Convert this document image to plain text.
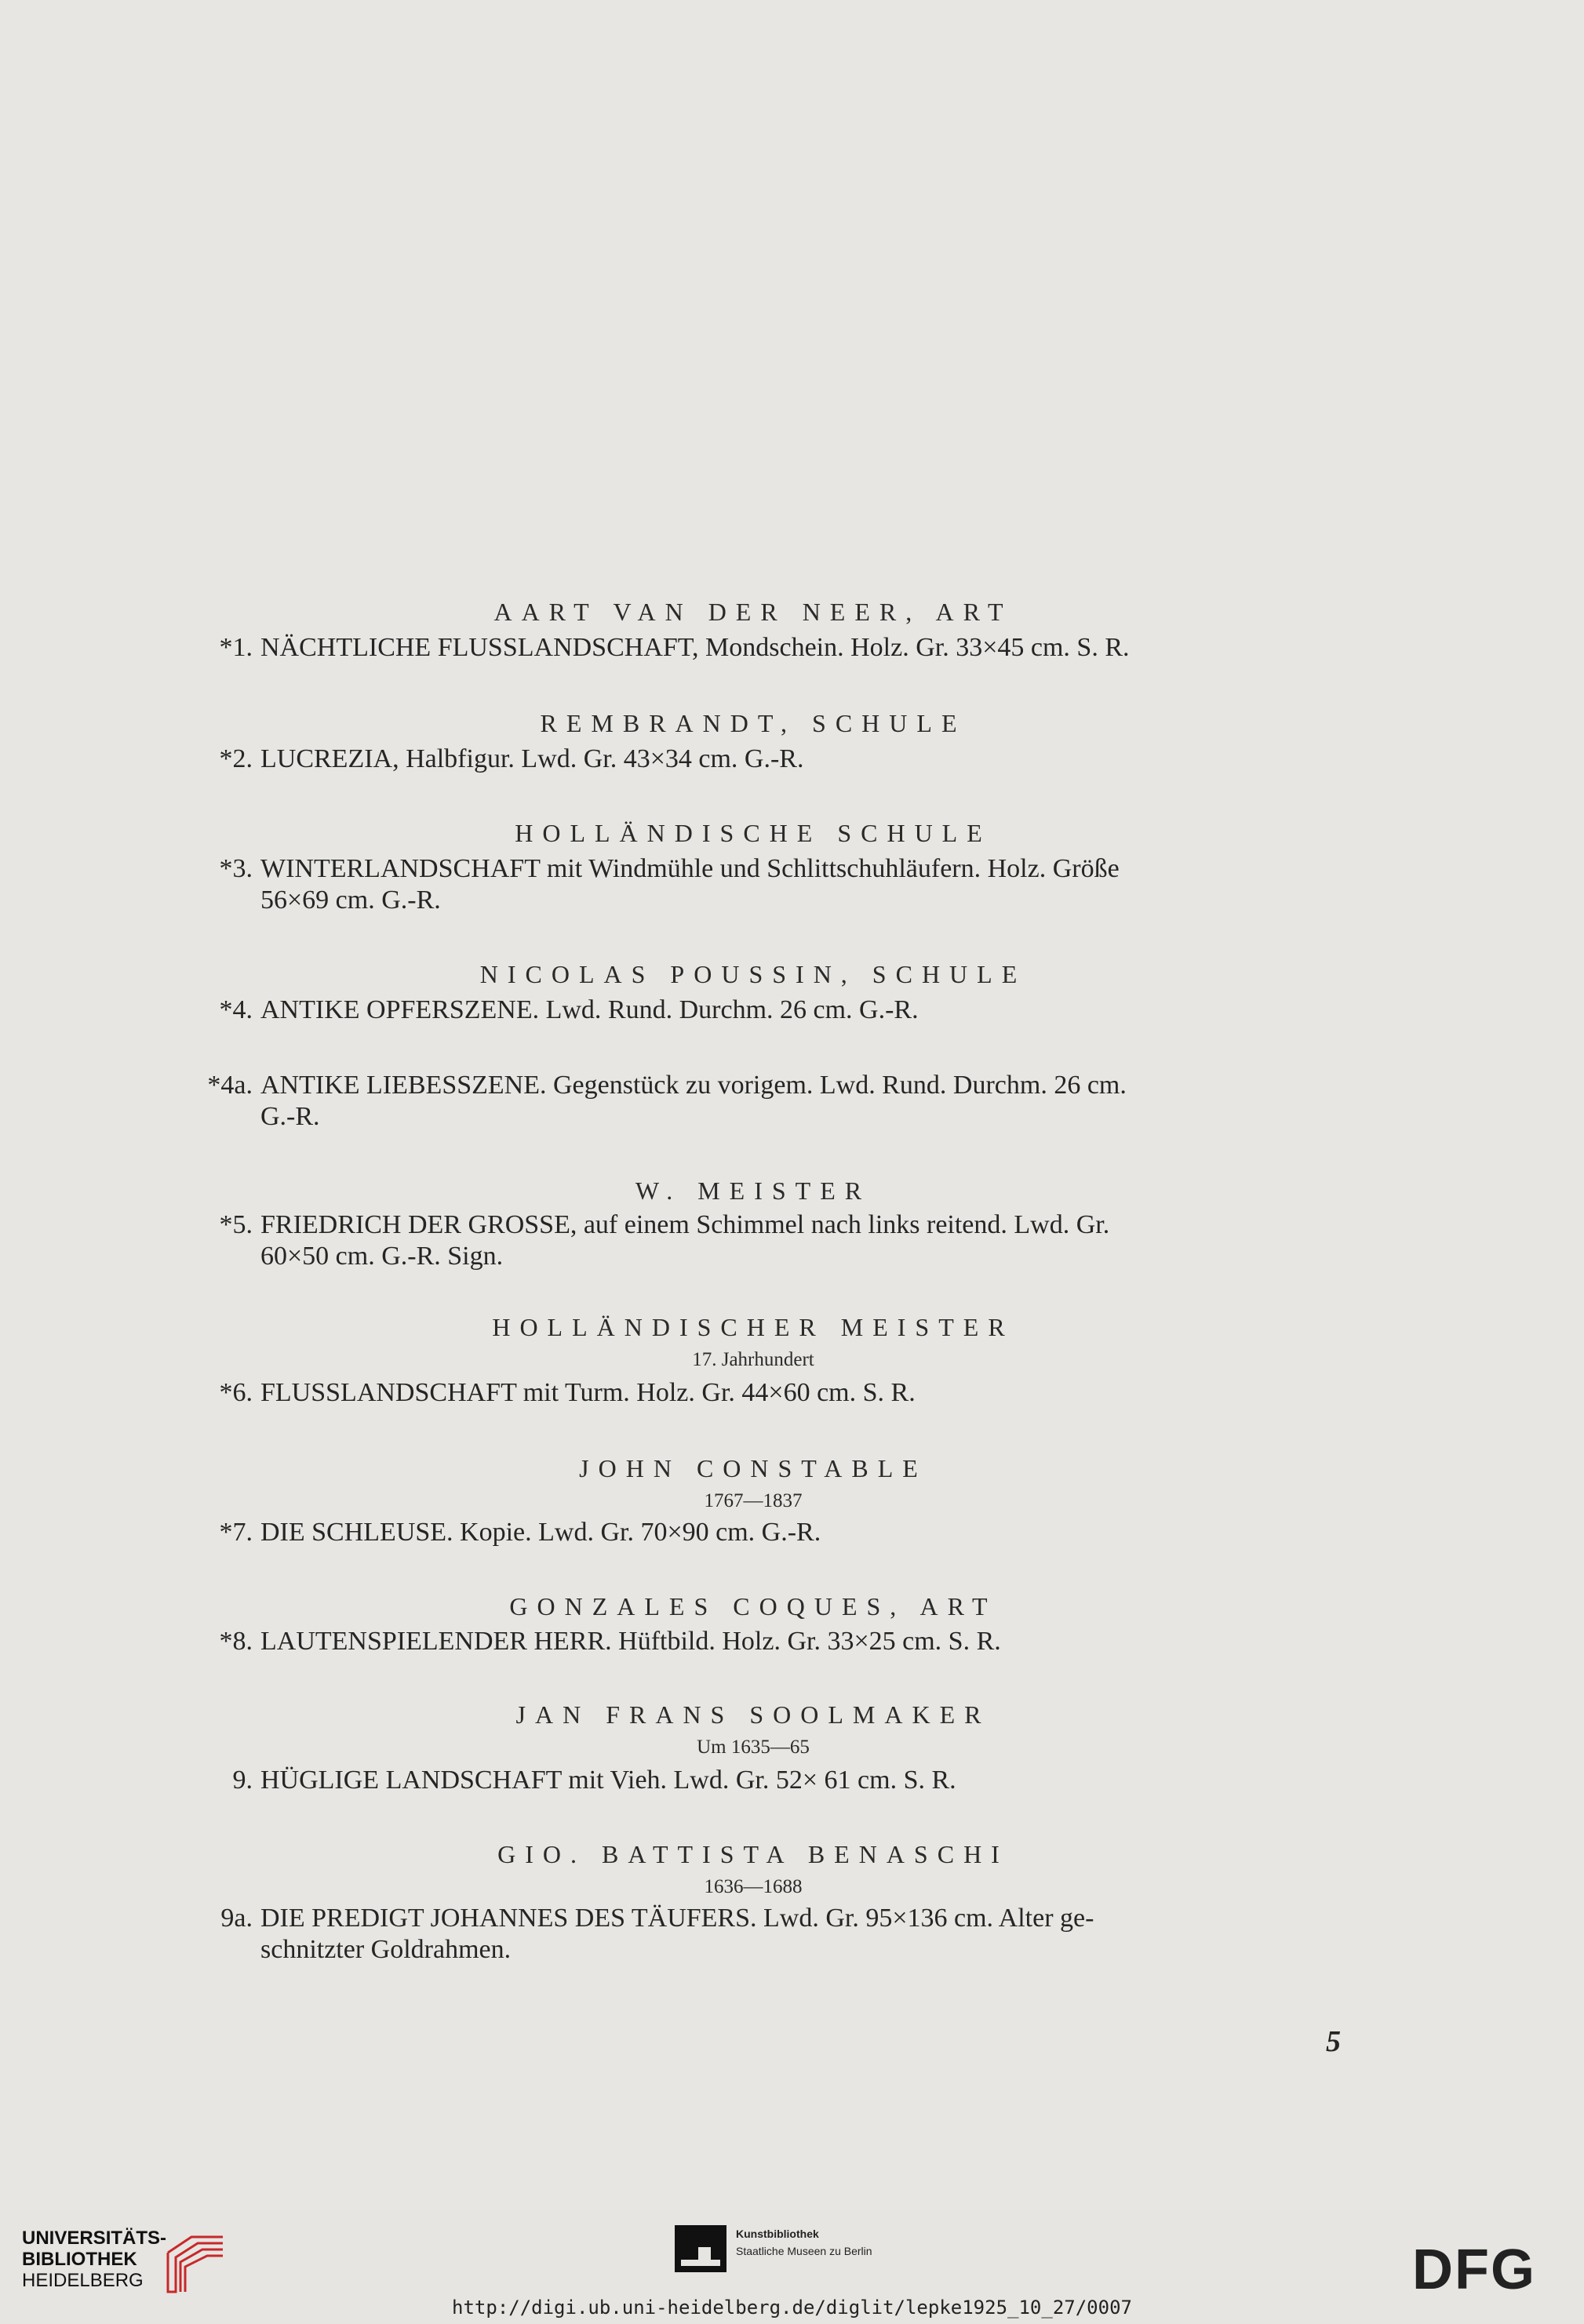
AART VAN DER NEER, ART
*1. NÄCHTLICHE FLUSSLANDSCHAFT, Mondschein. Holz. Gr. 33×45 cm. S. R.
REMBRANDT, SCHULE
*2. LUCREZIA, Halbfigur. Lwd. Gr. 43×34 cm. G.-R.
HOLLÄNDISCHE SCHULE
*3. WINTERLANDSCHAFT mit Windmühle und Schlittschuhläufern. Holz. Größe
56×69 cm. G.-R.
NICOLAS POUSSIN, SCHULE
*4. ANTIKE OPFERSZENE. Lwd. Rund. Durchm. 26 cm. G.-R.
*4a. ANTIKE LIEBESSZENE. Gegenstück zu vorigem. Lwd. Rund. Durchm. 26 cm.
G.-R.
W. MEISTER
*5. FRIEDRICH DER GROSSE, auf einem Schimmel nach links reitend. Lwd. Gr.
60×50 cm. G.-R. Sign.
HOLLÄNDISCHER MEISTER
17. Jahrhundert
*6. FLUSSLANDSCHAFT mit Turm. Holz. Gr. 44×60 cm. S. R.
JOHN CONSTABLE
1767—1837
*7. DIE SCHLEUSE. Kopie. Lwd. Gr. 70×90 cm. G.-R.
GONZALES COQUES, ART
*8. LAUTENSPIELENDER HERR. Hüftbild. Holz. Gr. 33×25 cm. S. R.
JAN FRANS SOOLMAKER
Um 1635—65
9. HÜGLIGE LANDSCHAFT mit Vieh. Lwd. Gr. 52× 61 cm. S. R.
GIO. BATTISTA BENASCHI
1636—1688
9a. DIE PREDIGT JOHANNES DES TÄUFERS. Lwd. Gr. 95×136 cm. Alter ge-
schnitzter Goldrahmen.
5
UNIVERSITÄTS-
BIBLIOTHEK
HEIDELBERG
Kunstbibliothek
Staatliche Museen zu Berlin	DFG
http://digi.ub.uni-heidelberg.de/diglit/lepke1925_10_27/0007
